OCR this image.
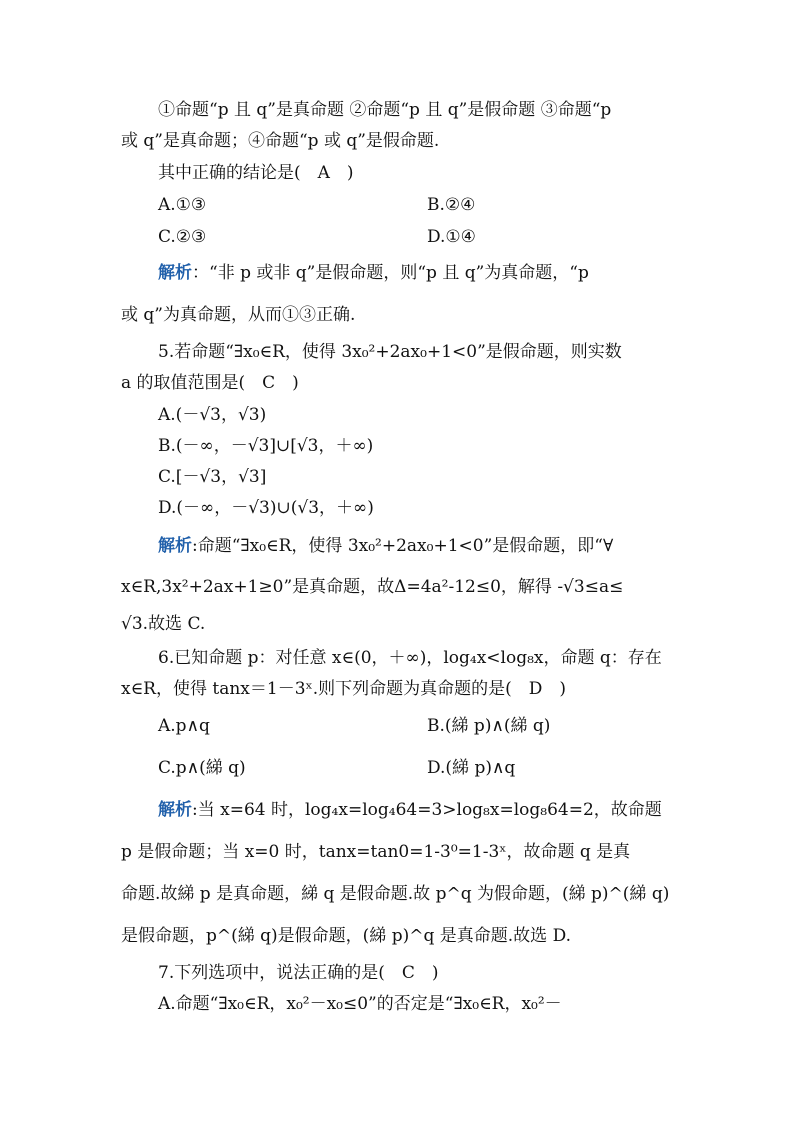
①命题“p 且 q”是真命题 ②命题“p 且 q”是假命题 ③命题“p
或 q”是真命题；④命题“p 或 q”是假命题.
其中正确的结论是(　A　)
A.①③	B.②④
C.②③	D.①④
解析：“非 p 或非 q”是假命题，则“p 且 q”为真命题，“p
或 q”为真命题，从而①③正确.
5.若命题“∃x₀∈R，使得 3x₀²+2ax₀+1<0”是假命题，则实数
a 的取值范围是(　C　)
A.(－√3，√3)
B.(－∞，－√3]∪[√3，＋∞)
C.[－√3，√3]
D.(－∞，－√3)∪(√3，＋∞)
解析:命题“∃x₀∈R，使得 3x₀²+2ax₀+1<0”是假命题，即“∀
x∈R,3x²+2ax+1≥0”是真命题，故Δ=4a²-12≤0，解得 -√3≤a≤
√3.故选 C.
6.已知命题 p：对任意 x∈(0，＋∞)，log₄x<log₈x，命题 q：存在
x∈R，使得 tanx＝1－3ˣ.则下列命题为真命题的是(　D　)
A.p∧q	B.(綈 p)∧(綈 q)
C.p∧(綈 q)	D.(綈 p)∧q
解析:当 x=64 时，log₄x=log₄64=3>log₈x=log₈64=2，故命题
p 是假命题；当 x=0 时，tanx=tan0=1-3⁰=1-3ˣ，故命题 q 是真
命题.故綈 p 是真命题，綈 q 是假命题.故 p^q 为假命题，(綈 p)^(綈 q)
是假命题，p^(綈 q)是假命题，(綈 p)^q 是真命题.故选 D.
7.下列选项中，说法正确的是(　C　)
A.命题“∃x₀∈R，x₀²－x₀≤0”的否定是“∃x₀∈R，x₀²－
